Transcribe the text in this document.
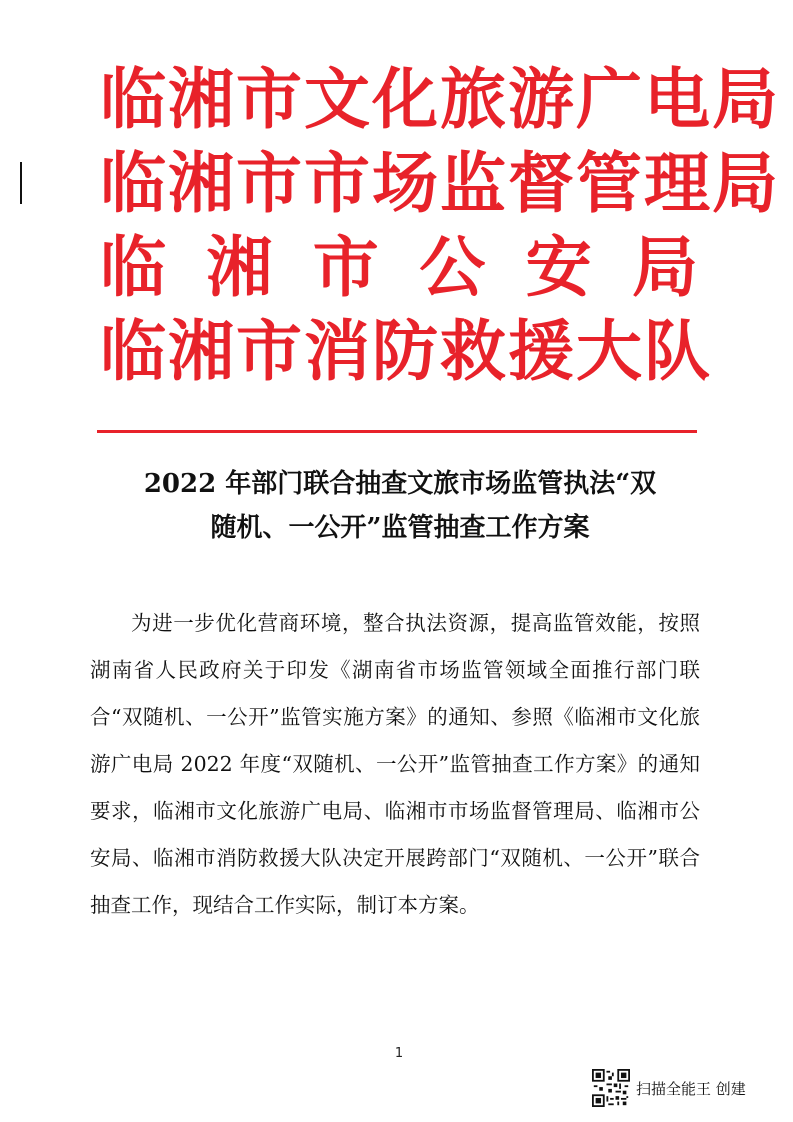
临湘市文化旅游广电局
临湘市市场监督管理局
临湘市公安局
临湘市消防救援大队
2022 年部门联合抽查文旅市场监管执法“双
随机、一公开”监管抽查工作方案
为进一步优化营商环境，整合执法资源，提高监管效能，按照湖南省人民政府关于印发《湖南省市场监管领域全面推行部门联合“双随机、一公开”监管实施方案》的通知、参照《临湘市文化旅游广电局 2022 年度“双随机、一公开”监管抽查工作方案》的通知要求，临湘市文化旅游广电局、临湘市市场监督管理局、临湘市公安局、临湘市消防救援大队决定开展跨部门“双随机、一公开”联合抽查工作，现结合工作实际，制订本方案。
1
扫描全能王 创建
